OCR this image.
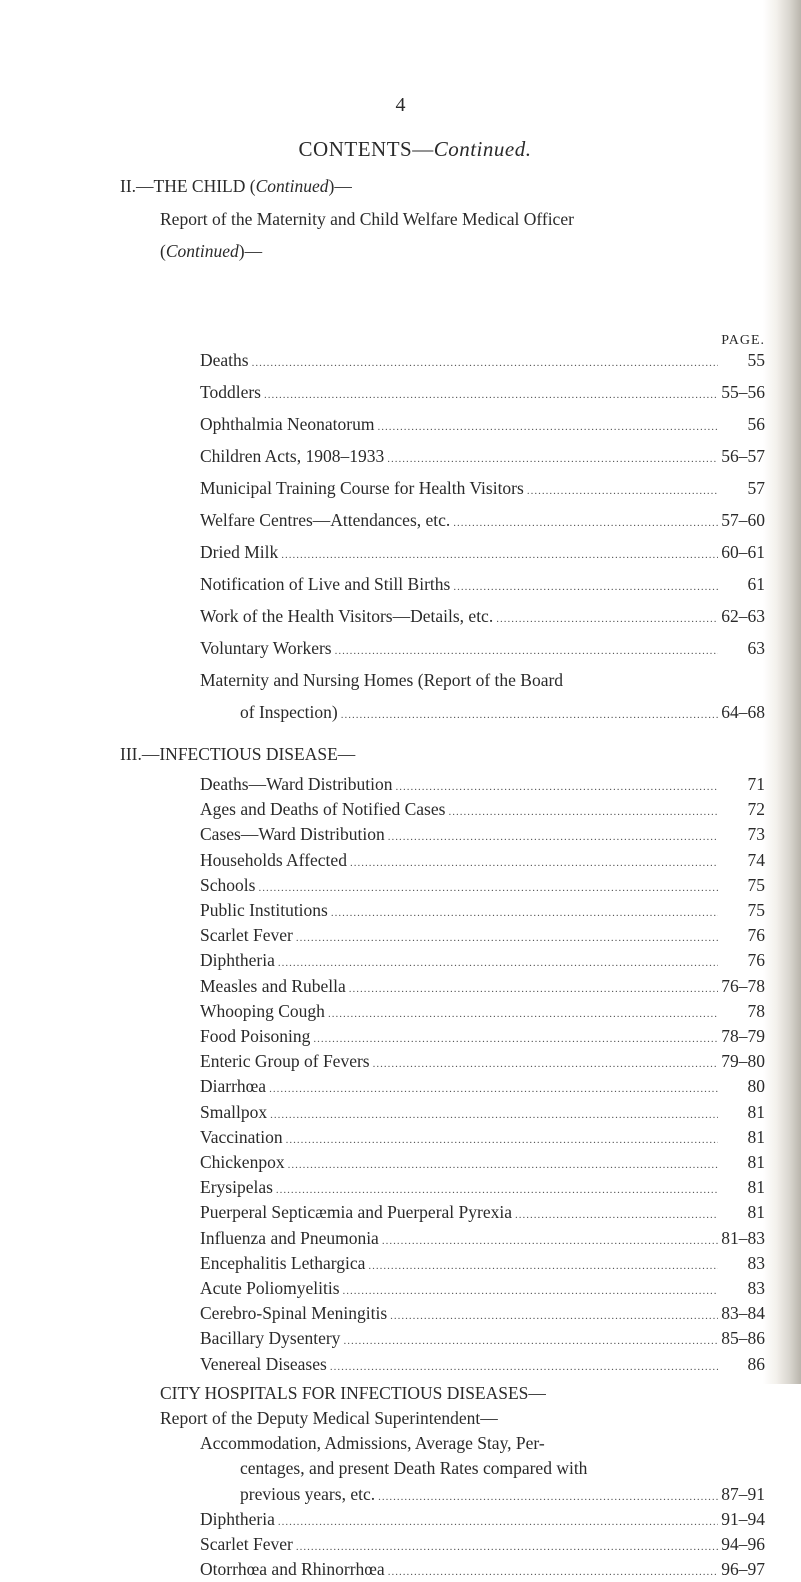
4
CONTENTS—Continued.
II.—THE CHILD (Continued)—
Report of the Maternity and Child Welfare Medical Officer
(Continued)—
PAGE.
Deaths .....	55
Toddlers .....	55–56
Ophthalmia Neonatorum .....	56
Children Acts, 1908–1933 .....	56–57
Municipal Training Course for Health Visitors .....	57
Welfare Centres—Attendances, etc. .....	57–60
Dried Milk .....	60–61
Notification of Live and Still Births .....	61
Work of the Health Visitors—Details, etc. .....	62–63
Voluntary Workers .....	63
Maternity and Nursing Homes (Report of the Board
of Inspection) .....	64–68
III.—INFECTIOUS DISEASE—
Deaths—Ward Distribution .....	71
Ages and Deaths of Notified Cases .....	72
Cases—Ward Distribution .....	73
Households Affected .....	74
Schools .....	75
Public Institutions .....	75
Scarlet Fever .....	76
Diphtheria .....	76
Measles and Rubella .....	76–78
Whooping Cough .....	78
Food Poisoning .....	78–79
Enteric Group of Fevers .....	79–80
Diarrhœa .....	80
Smallpox .....	81
Vaccination .....	81
Chickenpox .....	81
Erysipelas .....	81
Puerperal Septicæmia and Puerperal Pyrexia .....	81
Influenza and Pneumonia .....	81–83
Encephalitis Lethargica .....	83
Acute Poliomyelitis .....	83
Cerebro-Spinal Meningitis .....	83–84
Bacillary Dysentery .....	85–86
Venereal Diseases .....	86
CITY HOSPITALS FOR INFECTIOUS DISEASES—
Report of the Deputy Medical Superintendent—
Accommodation, Admissions, Average Stay, Per-
centages, and present Death Rates compared with
previous years, etc. .....	87–91
Diphtheria .....	91–94
Scarlet Fever .....	94–96
Otorrhœa and Rhinorrhœa .....	96–97
